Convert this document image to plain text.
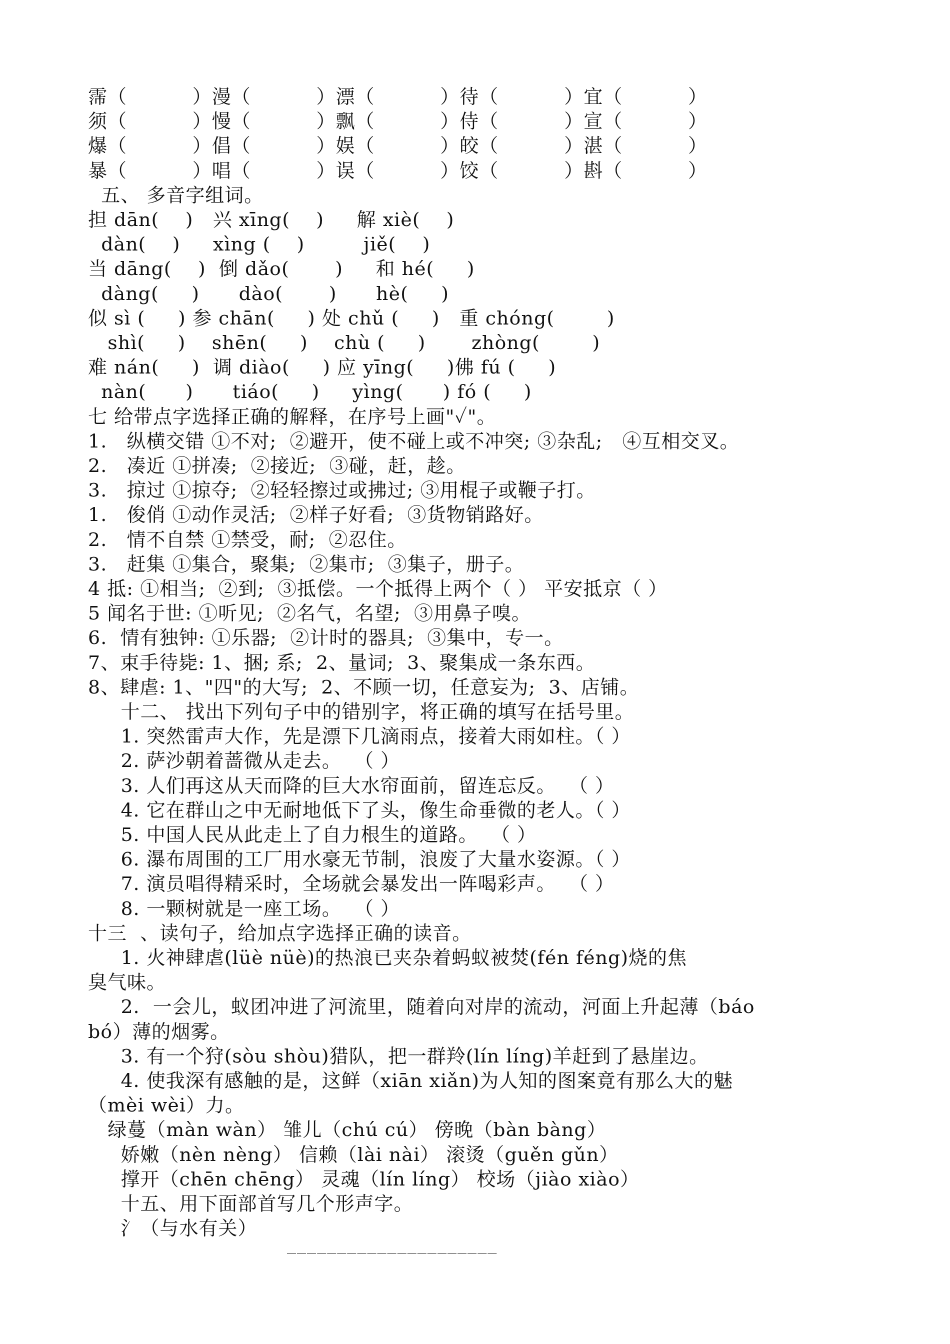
霈（          ）漫（          ）漂（          ）待（          ）宜（          ）
须（          ）慢（          ）飘（          ）侍（          ）宣（          ）
爆（          ）倡（          ）娱（          ）皎（          ）湛（          ）
暴（          ）唱（          ）误（          ）饺（          ）斟（          ）
五、 多音字组词。
担 dān(    )   兴 xīng(    )     解 xiè(    )
dàn(    )     xìng (    )         jiě(    )
当 dāng(    )  倒 dǎo(       )     和 hé(     )
dàng(     )      dào(       )      hè(     )
似 sì (     ) 参 chān(     ) 处 chǔ (     )   重 chóng(        )
shì(     )    shēn(     )    chù (     )       zhòng(        )
难 nán(     )  调 diào(     ) 应 yīng(     )佛 fú (     )
nàn(      )      tiáo(     )     yìng(      ) fó (     )
七 给带点字选择正确的解释，在序号上画"✓"。
1.   纵横交错 ①不对;  ②避开，使不碰上或不冲突; ③杂乱;   ④互相交叉。
2.   凑近 ①拼凑;  ②接近;  ③碰，赶，趁。
3.   掠过 ①掠夺;  ②轻轻擦过或拂过; ③用棍子或鞭子打。
1.   俊俏 ①动作灵活;  ②样子好看;  ③货物销路好。
2.   情不自禁 ①禁受，耐;  ②忍住。
3.   赶集 ①集合，聚集;  ②集市;  ③集子，册子。
4 抵: ①相当;  ②到;  ③抵偿。一个抵得上两个（ ） 平安抵京（ ）
5 闻名于世: ①听见;  ②名气，名望;  ③用鼻子嗅。
6.  情有独钟: ①乐器;  ②计时的器具;  ③集中，专一。
7、束手待毙: 1、捆; 系;  2、量词;  3、聚集成一条东西。
8、肆虐: 1、"四"的大写;  2、不顾一切，任意妄为;  3、店铺。
十二、 找出下列句子中的错别字，将正确的填写在括号里。
1. 突然雷声大作，先是漂下几滴雨点，接着大雨如柱。（ ）
2. 萨沙朝着蔷微从走去。  （ ）
3. 人们再这从天而降的巨大水帘面前，留连忘反。  （ ）
4. 它在群山之中无耐地低下了头，像生命垂微的老人。（ ）
5. 中国人民从此走上了自力根生的道路。  （ ）
6. 瀑布周围的工厂用水豪无节制，浪废了大量水姿源。（ ）
7. 演员唱得精采时，全场就会暴发出一阵喝彩声。  （ ）
8. 一颗树就是一座工场。  （ ）
十三  、读句子，给加点字选择正确的读音。
1. 火神肆虐(lüè nüè)的热浪已夹杂着蚂蚁被焚(fén féng)烧的焦
臭气味。
2.  一会儿，蚁团冲进了河流里，随着向对岸的流动，河面上升起薄（báo
bó）薄的烟雾。
3. 有一个狩(sòu shòu)猎队，把一群羚(lín líng)羊赶到了悬崖边。
4. 使我深有感触的是，这鲜（xiān xiǎn)为人知的图案竟有那么大的魅
（mèi wèi）力。
绿蔓（màn wàn） 雏儿（chú cú） 傍晚（bàn bàng）
娇嫩（nèn nèng） 信赖（lài nài） 滚烫（guěn gǔn）
撑开（chēn chēng） 灵魂（lín líng） 校场（jiào xiào）
十五、用下面部首写几个形声字。
氵（与水有关）
_____________________
